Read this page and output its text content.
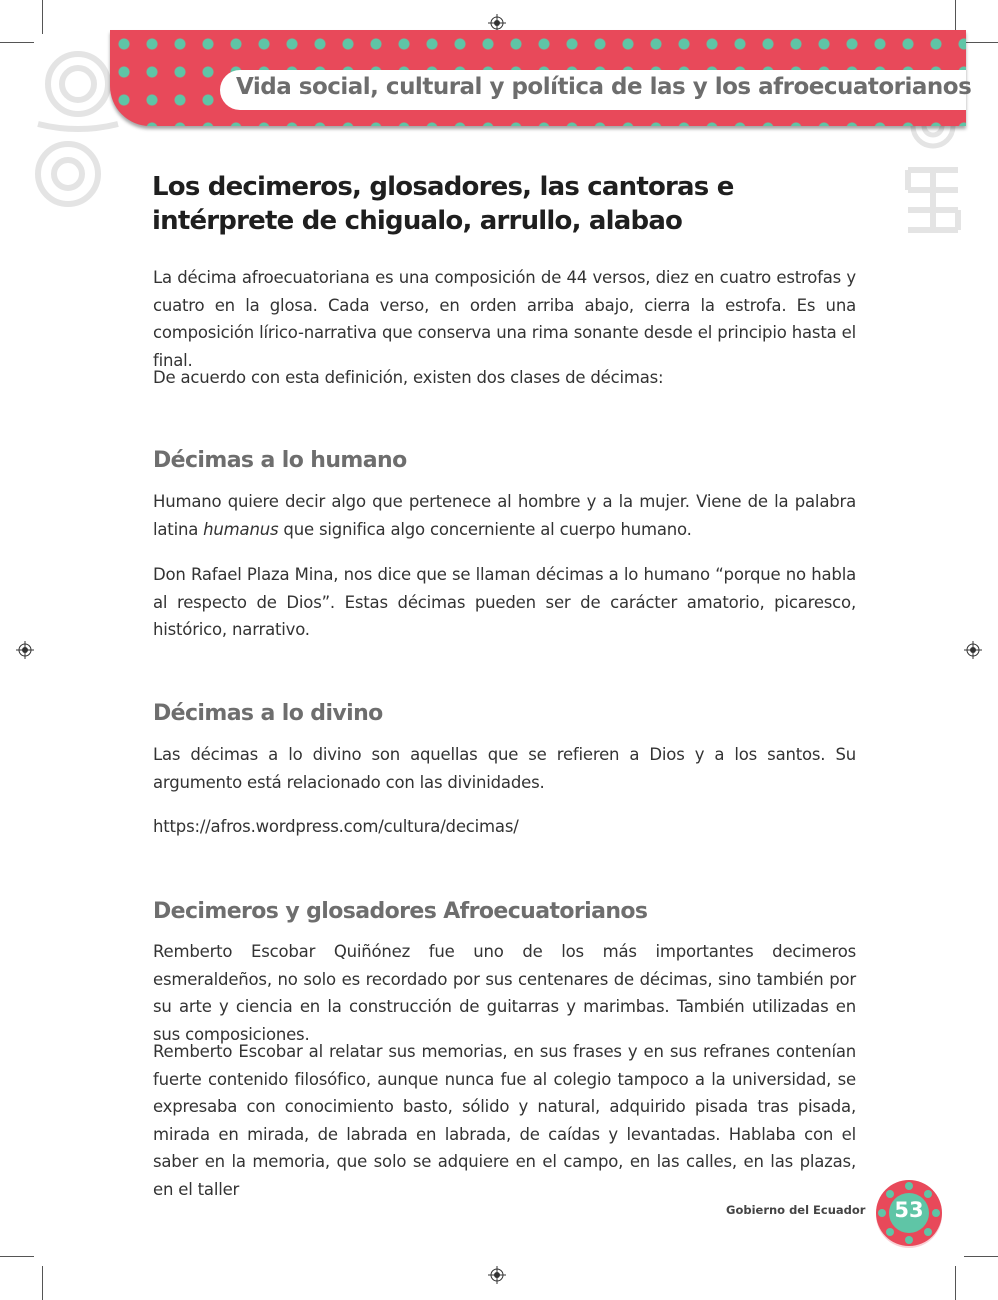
Vida social, cultural y política de las y los afroecuatorianos
Los decimeros, glosadores, las cantoras e intérprete de chigualo, arrullo, alabao
La décima afroecuatoriana es una composición de 44 versos, diez en cuatro estrofas y cuatro en la glosa. Cada verso, en orden arriba abajo, cierra la estrofa. Es una composición lírico-narrativa que conserva una rima sonante desde el principio hasta el final.
De acuerdo con esta definición, existen dos clases de décimas:
Décimas a lo humano
Humano quiere decir algo que pertenece al hombre y a la mujer. Viene de la palabra latina humanus que significa algo concerniente al cuerpo humano.
Don Rafael Plaza Mina, nos dice que se llaman décimas a lo humano “porque no habla al respecto de Dios”. Estas décimas pueden ser de carácter amatorio, picaresco, histórico, narrativo.
Décimas a lo divino
Las décimas a lo divino son aquellas que se refieren a Dios y a los santos. Su argumento está relacionado con las divinidades.
https://afros.wordpress.com/cultura/decimas/
Decimeros y glosadores Afroecuatorianos
Remberto Escobar Quiñónez fue uno de los más importantes decimeros esmeraldeños, no solo es recordado por sus centenares de décimas, sino también por su arte y ciencia en la construcción de guitarras y marimbas. También utilizadas en sus composiciones.
Remberto Escobar al relatar sus memorias, en sus frases y en sus refranes contenían fuerte contenido filosófico, aunque nunca fue al colegio tampoco a la universidad, se expresaba con conocimiento basto, sólido y natural, adquirido pisada tras pisada, mirada en mirada, de labrada en labrada, de caídas y levantadas. Hablaba con el saber en la memoria, que solo se adquiere en el campo, en las calles, en las plazas, en el taller
Gobierno del Ecuador	53
